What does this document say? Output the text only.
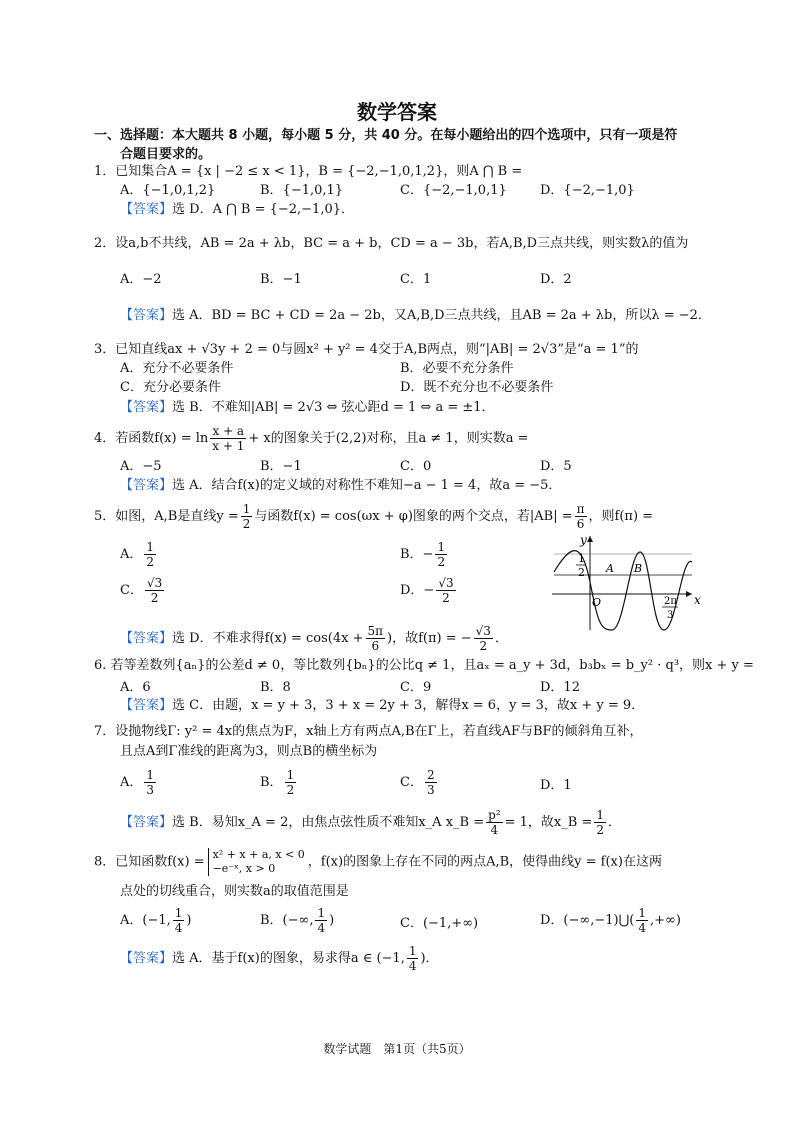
数学答案
一、选择题：本大题共 8 小题，每小题 5 分，共 40 分。在每小题给出的四个选项中，只有一项是符
合题目要求的。
1．已知集合A = {x | −2 ≤ x < 1}，B = {−2,−1,0,1,2}，则A ⋂ B =
A．{−1,0,1,2}	B．{−1,0,1}	C．{−2,−1,0,1}	D．{−2,−1,0}
【答案】选 D．A ⋂ B = {−2,−1,0}．
2．设a,b不共线，AB = 2a + λb，BC = a + b，CD = a − 3b，若A,B,D三点共线，则实数λ的值为
A．−2	B．−1	C．1	D．2
【答案】选 A．BD = BC + CD = 2a − 2b，又A,B,D三点共线，且AB = 2a + λb，所以λ = −2．
3．已知直线ax + √3y + 2 = 0与圆x² + y² = 4交于A,B两点，则“|AB| = 2√3”是“a = 1”的
A．充分不必要条件	B．必要不充分条件
C．充分必要条件	D．既不充分也不必要条件
【答案】选 B．不难知|AB| = 2√3 ⇔ 弦心距d = 1 ⇔ a = ±1．
4．若函数$f(x) = \ln \frac{x + a}{x + 1} + x$的图象关于(2,2)对称，且a ≠ 1，则实数a =
A．−5	B．−1	C．0	D．5
【答案】选 A．结合f(x)的定义域的对称性不难知−a − 1 = 4，故a = −5．
5．如图，A,B是直线$y = \frac{1}{2}$ 与函数f(x) = cos(ωx + φ)图象的两个交点，若$|AB| = \frac{\pi}{6}$ ，则f(π) =
A． $\frac{1}{2}$	B．− $\frac{1}{2}$
C． $\frac{√3}{2}$	D．− $\frac{√3}{2}$
y
x
1
2 A B
O	2π
3
【答案】选 D．不难求得$f(x) = \cos(4x + \frac{5\pi}{6}$ )，故f(π) = − $\frac{√3}{2}$ ．
6. 若等差数列{aₙ}的公差d ≠ 0，等比数列{bₙ}的公比q ≠ 1，且aₓ = a_y + 3d，b₃bₓ = b_y² · q³，则x + y =
A．6	B．8	C．9	D．12
【答案】选 C．由题，x = y + 3，3 + x = 2y + 3，解得x = 6，y = 3，故x + y = 9．
7．设抛物线Γ: y² = 4x的焦点为F，x轴上方有两点A,B在Γ上，若直线AF与BF的倾斜角互补，
且点A到Γ准线的距离为3，则点B的横坐标为
A． $\frac{1}{3}$	B． $\frac{1}{2}$	C． $\frac{2}{3}$	D．1
【答案】选 B．易知x_A = 2，由焦点弦性质不难知x_A x_B = $\frac{\text{p²}}{4} = 1$，故x_B = $\frac{1}{2}$ ．
8．已知函数f(x) = x² + x + a, x < 0
−e⁻ˣ, x > 0	，f(x)的图象上存在不同的两点A,B，使得曲线y = f(x)在这两
点处的切线重合，则实数a的取值范围是
A．(−1, $\frac{1}{4}$ )	B．(−∞, $\frac{1}{4}$ )	C．(−1,+∞)	D．(−∞,−1)⋃( $\frac{1}{4}$ ,+∞)
【答案】选 A．基于f(x)的图象，易求得a ∈ (−1, $\frac{1}{4}$ )．
数学试题　第1页（共5页）
